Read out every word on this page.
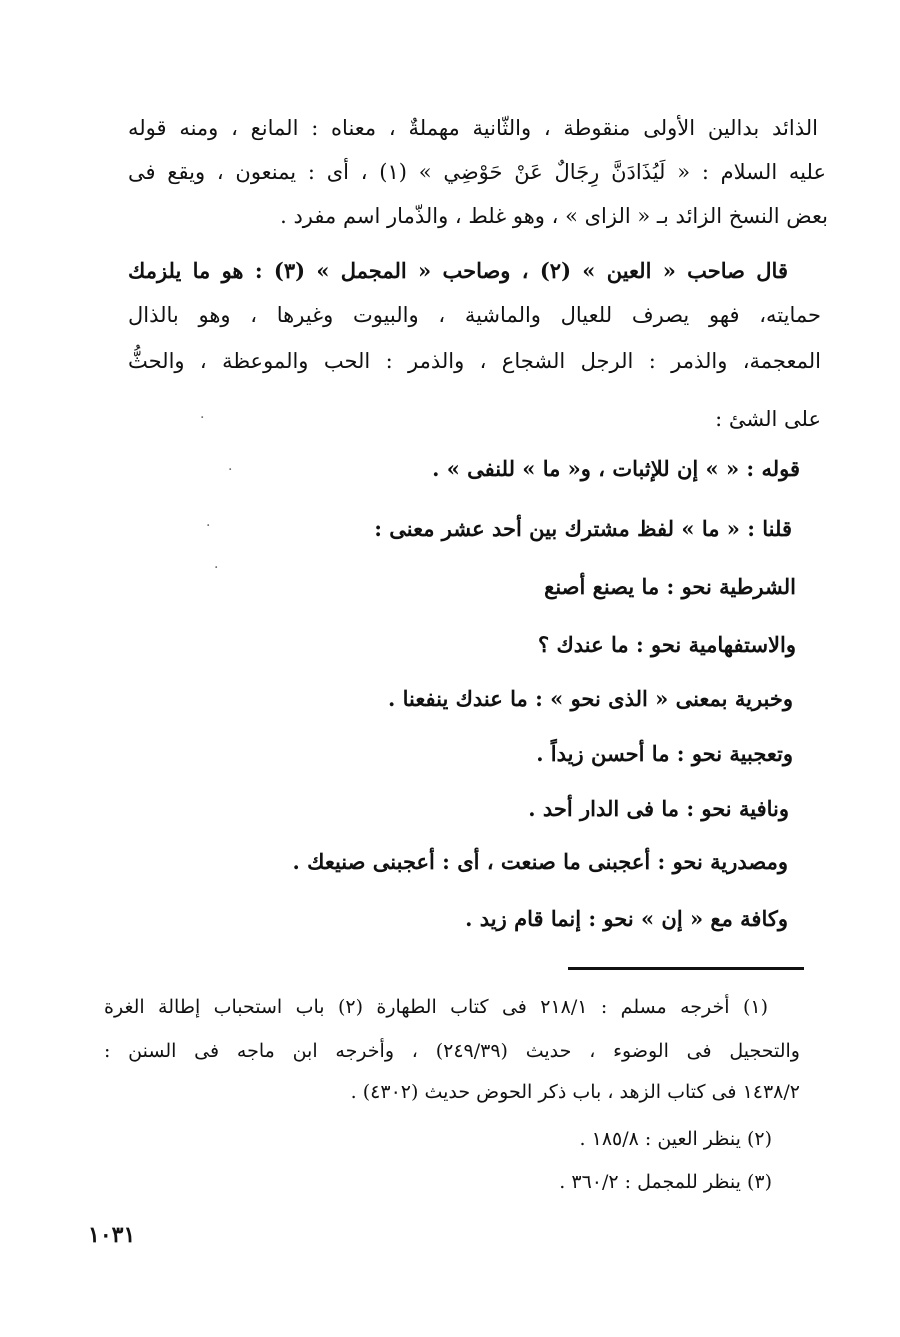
الذائد بدالين الأولى منقوطة ، والثّانية مهملةٌ ، معناه : المانع ، ومنه قوله
عليه السلام : « لَيُذَادَنَّ رِجَالٌ عَنْ حَوْضِي » (١) ، أى : يمنعون ، ويقع فى
بعض النسخ الزائد بـ « الزاى » ، وهو غلط ، والذّمار اسم مفرد .
قال صاحب « العين » (٢) ، وصاحب « المجمل » (٣) : هو ما يلزمك
حمايته، فهو يصرف للعيال والماشية ، والبيوت وغيرها ، وهو بالذال
المعجمة، والذمر : الرجل الشجاع ، والذمر : الحب والموعظة ، والحثُّ
على الشئ :
قوله : « » إن للإثبات ، و« ما » للنفى » .
قلنا : « ما » لفظ مشترك بين أحد عشر معنى :
الشرطية نحو : ما يصنع أصنع
والاستفهامية نحو : ما عندك ؟
وخبرية بمعنى « الذى نحو » : ما عندك ينفعنا .
وتعجبية نحو : ما أحسن زيداً .
ونافية نحو : ما فى الدار أحد .
ومصدرية نحو : أعجبنى ما صنعت ، أى : أعجبنى صنيعك .
وكافة مع « إن » نحو : إنما قام زيد .
(١) أخرجه مسلم : ٢١٨/١ فى كتاب الطهارة (٢) باب استحباب إطالة الغرة
والتحجيل فى الوضوء ، حديث (٢٤٩/٣٩) ، وأخرجه ابن ماجه فى السنن :
١٤٣٨/٢ فى كتاب الزهد ، باب ذكر الحوض حديث (٤٣٠٢) .
(٢) ينظر العين : ١٨٥/٨ .
(٣) ينظر للمجمل : ٣٦٠/٢ .
١٠٣١
·
·
·
·
